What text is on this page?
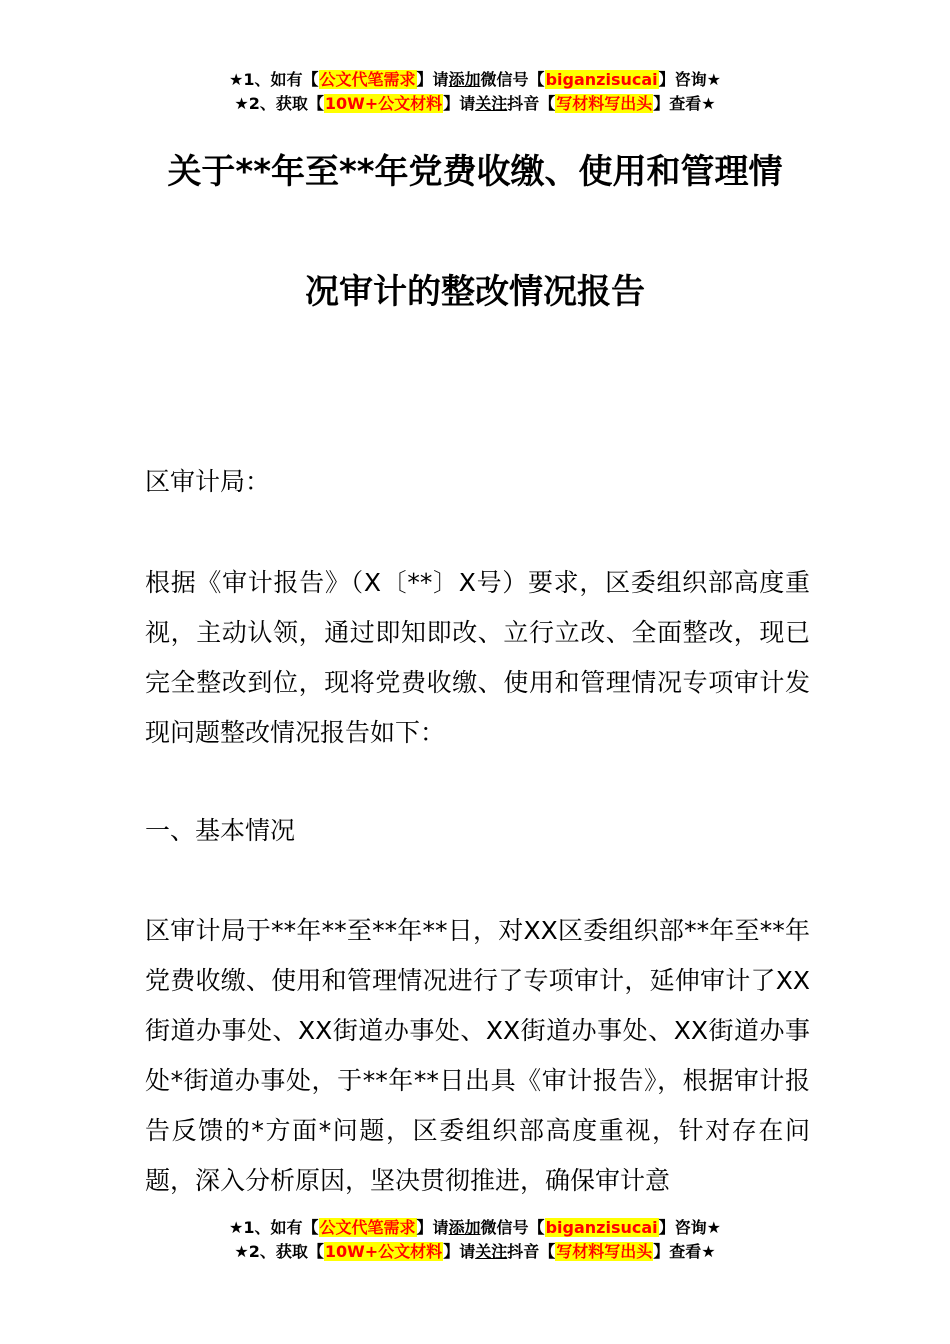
★1、如有【公文代笔需求】请添加微信号【biganzisucai】咨询★
★2、获取【10W+公文材料】请关注抖音【写材料写出头】查看★
关于**年至**年党费收缴、使用和管理情
况审计的整改情况报告

区审计局：

根据《审计报告》（X〔**〕X号）要求，区委组织部高度重视，主动认领，通过即知即改、立行立改、全面整改，现已完全整改到位，现将党费收缴、使用和管理情况专项审计发现问题整改情况报告如下：

一、基本情况

区审计局于**年**至**年**日，对XX区委组织部**年至**年党费收缴、使用和管理情况进行了专项审计，延伸审计了XX街道办事处、XX街道办事处、XX街道办事处、XX街道办事处*街道办事处，于**年**日出具《审计报告》，根据审计报告反馈的*方面*问题，区委组织部高度重视，针对存在问题，深入分析原因，坚决贯彻推进，确保审计意

★1、如有【公文代笔需求】请添加微信号【biganzisucai】咨询★
★2、获取【10W+公文材料】请关注抖音【写材料写出头】查看★
